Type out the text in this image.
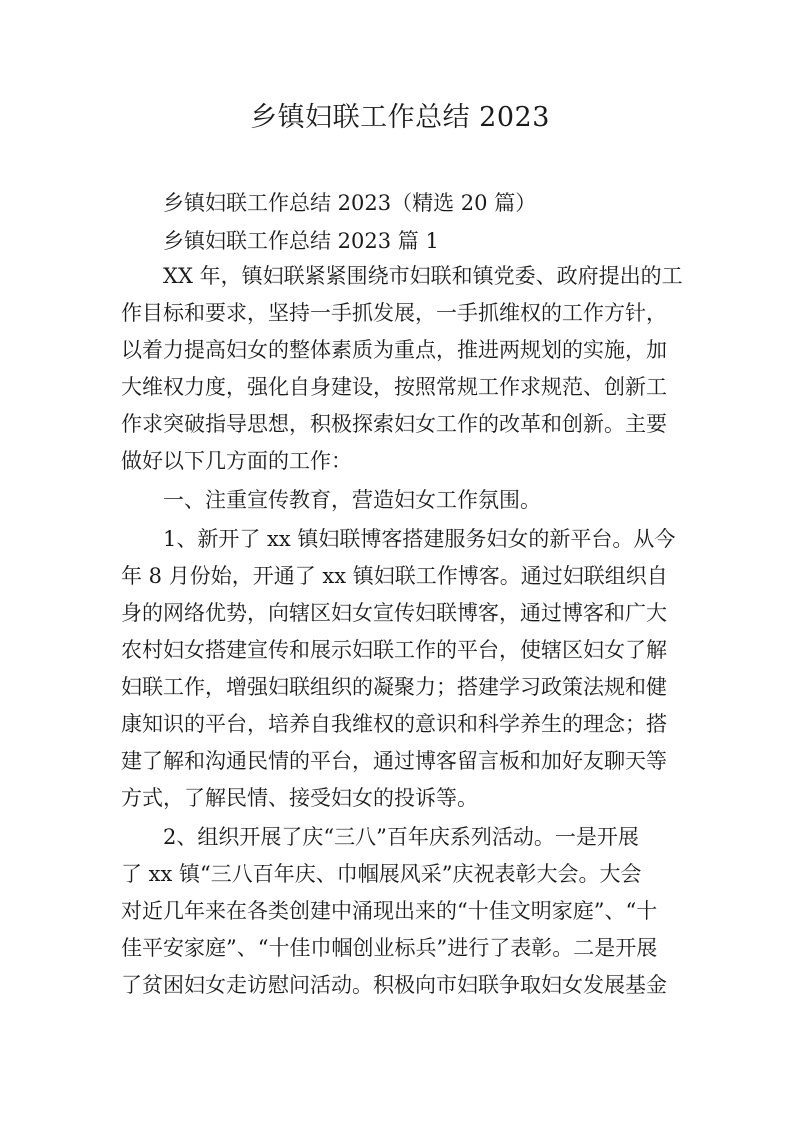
乡镇妇联工作总结 2023
乡镇妇联工作总结 2023（精选 20 篇）
乡镇妇联工作总结 2023 篇 1
XX 年，镇妇联紧紧围绕市妇联和镇党委、政府提出的工
作目标和要求，坚持一手抓发展，一手抓维权的工作方针，
以着力提高妇女的整体素质为重点，推进两规划的实施，加
大维权力度，强化自身建设，按照常规工作求规范、创新工
作求突破指导思想，积极探索妇女工作的改革和创新。主要
做好以下几方面的工作：
一、注重宣传教育，营造妇女工作氛围。
1、新开了 xx 镇妇联博客搭建服务妇女的新平台。从今
年 8 月份始，开通了 xx 镇妇联工作博客。通过妇联组织自
身的网络优势，向辖区妇女宣传妇联博客，通过博客和广大
农村妇女搭建宣传和展示妇联工作的平台，使辖区妇女了解
妇联工作，增强妇联组织的凝聚力；搭建学习政策法规和健
康知识的平台，培养自我维权的意识和科学养生的理念；搭
建了解和沟通民情的平台，通过博客留言板和加好友聊天等
方式，了解民情、接受妇女的投诉等。
2、组织开展了庆“三八”百年庆系列活动。一是开展
了 xx 镇“三八百年庆、巾帼展风采”庆祝表彰大会。大会
对近几年来在各类创建中涌现出来的“十佳文明家庭”、“十
佳平安家庭”、“十佳巾帼创业标兵”进行了表彰。二是开展
了贫困妇女走访慰问活动。积极向市妇联争取妇女发展基金
